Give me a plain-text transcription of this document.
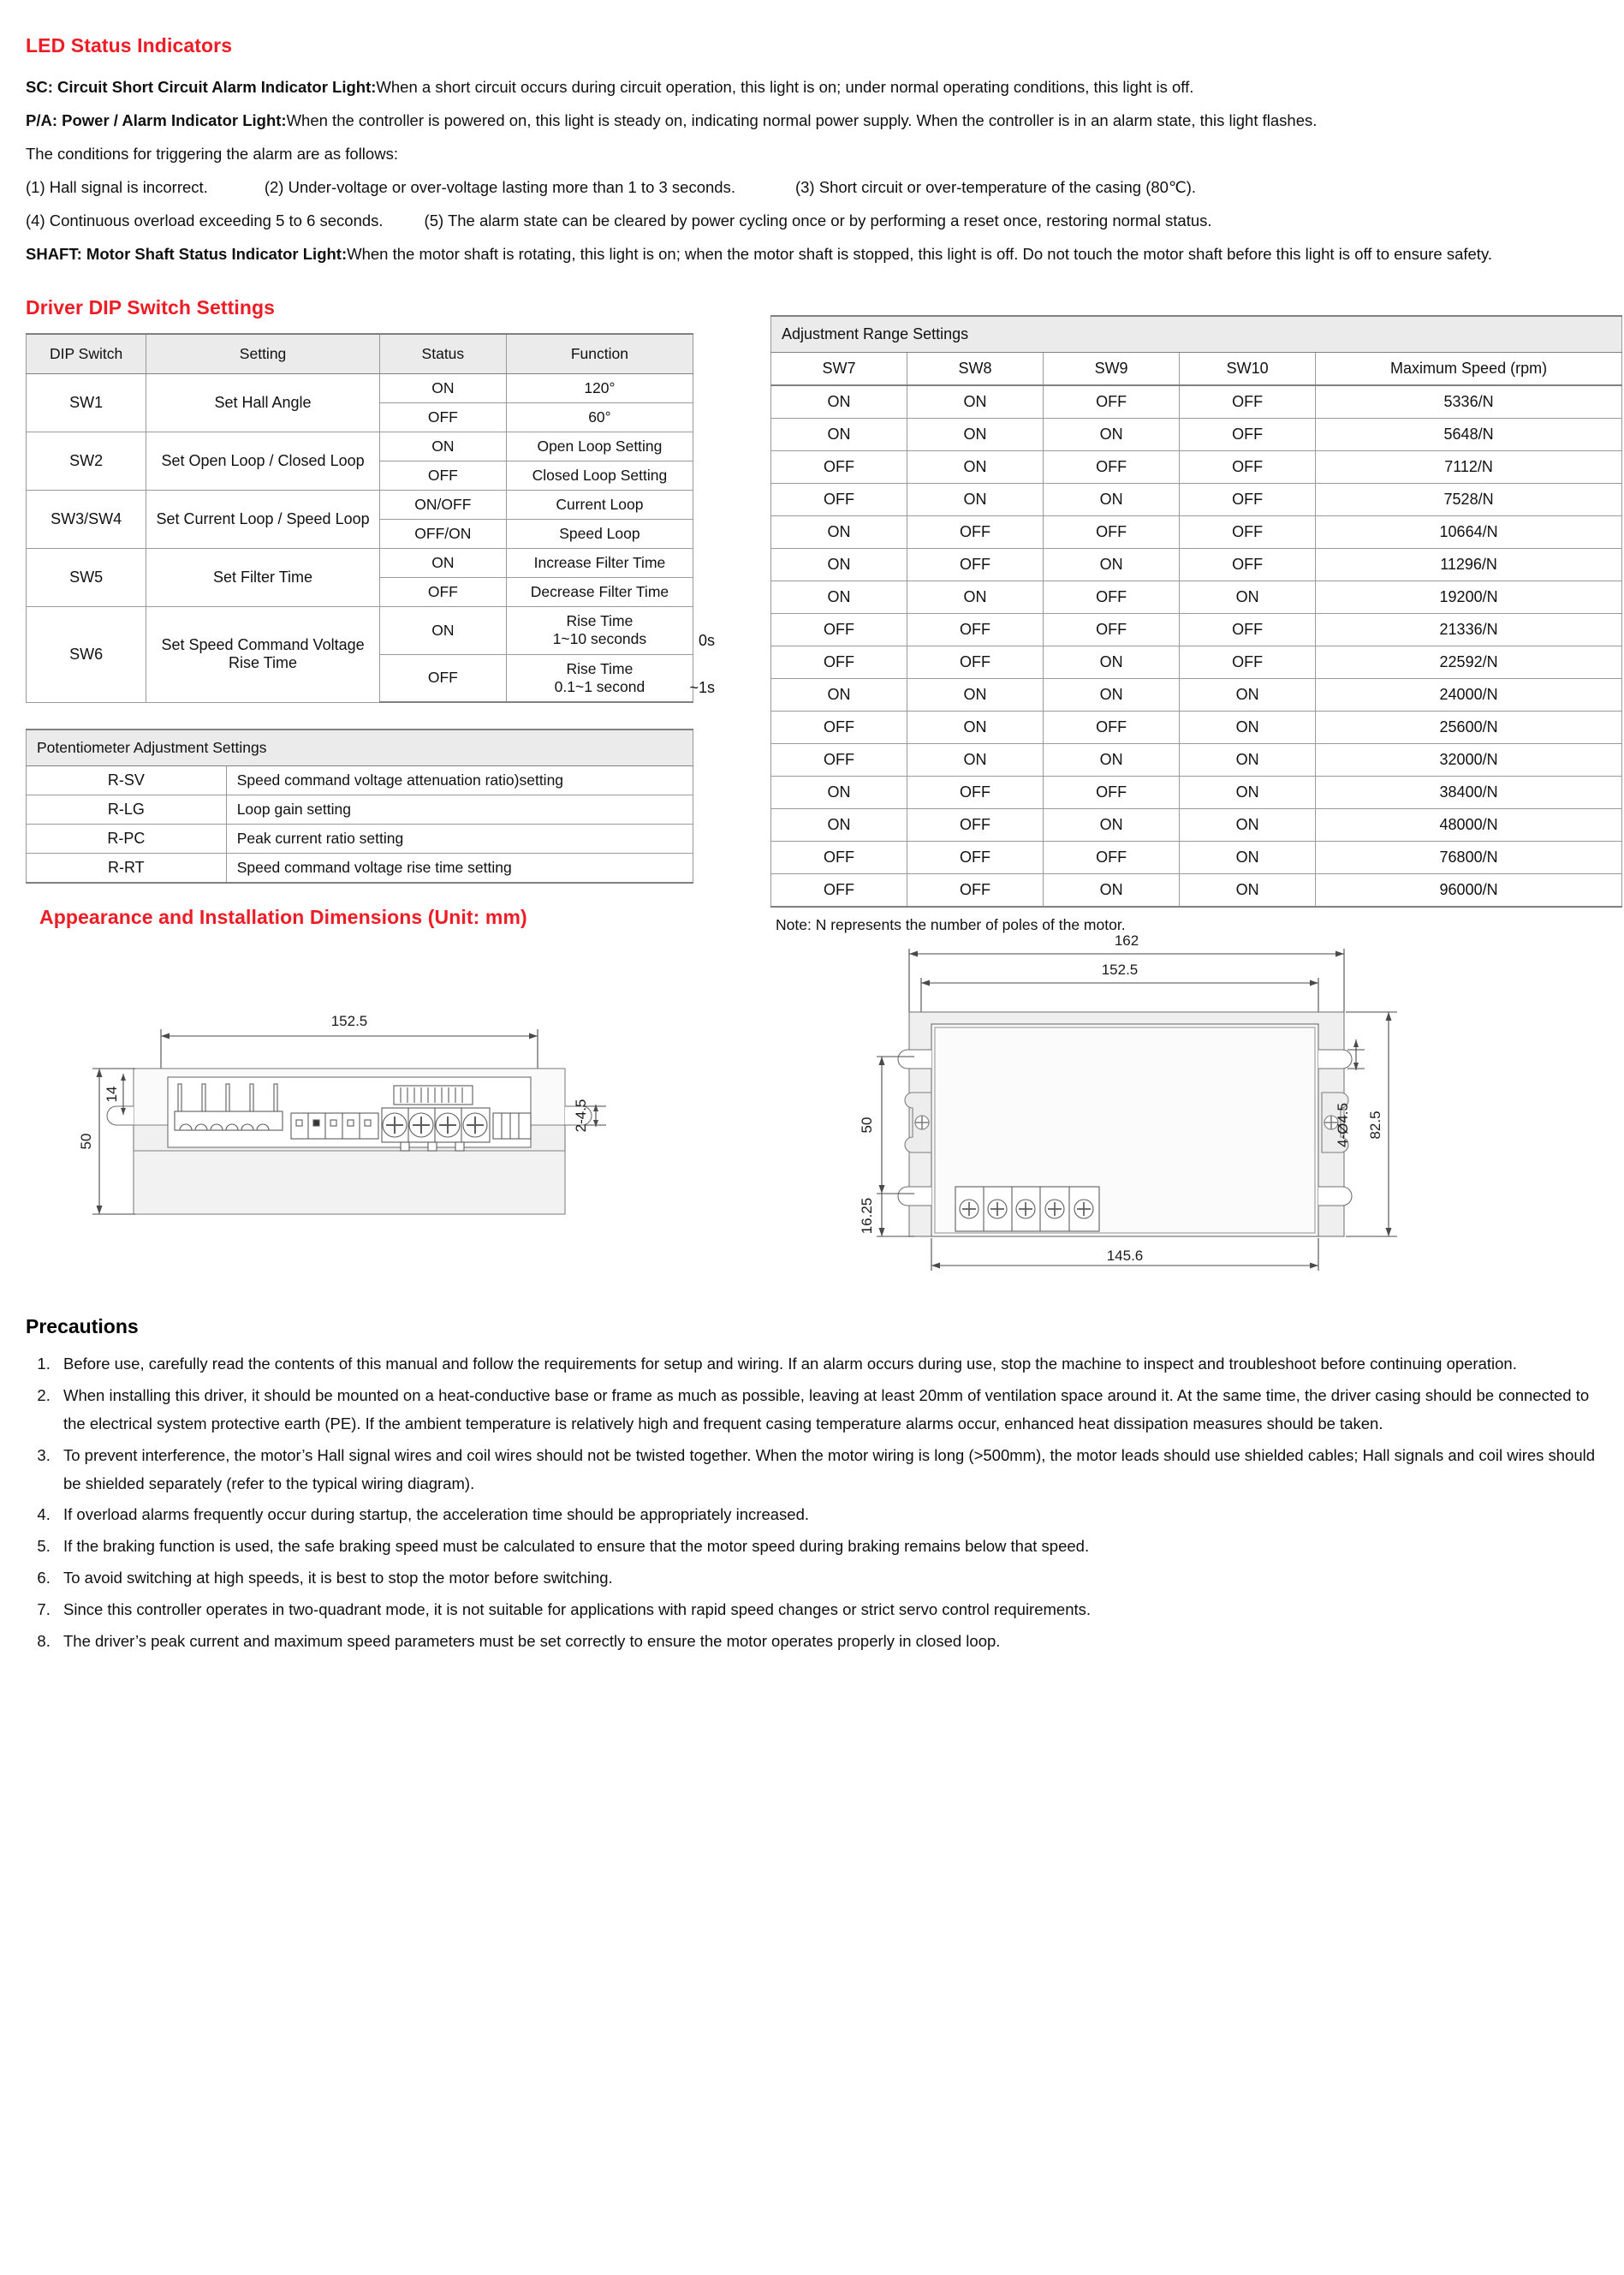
LED Status Indicators

SC: Circuit Short Circuit Alarm Indicator Light:When a short circuit occurs during circuit operation, this light is on; under normal operating conditions, this light is off.

P/A: Power / Alarm Indicator Light:When the controller is powered on, this light is steady on, indicating normal power supply. When the controller is in an alarm state, this light flashes.

The conditions for triggering the alarm are as follows:

(1) Hall signal is incorrect.	(2) Under-voltage or over-voltage lasting more than 1 to 3 seconds.	(3) Short circuit or over-temperature of the casing (80℃).

(4) Continuous overload exceeding 5 to 6 seconds.	(5) The alarm state can be cleared by power cycling once or by performing a reset once, restoring normal status.

SHAFT: Motor Shaft Status Indicator Light:When the motor shaft is rotating, this light is on; when the motor shaft is stopped, this light is off. Do not touch the motor shaft before this light is off to ensure safety.

Driver DIP Switch Settings
DIP Switch	Setting	Status	Function
SW1	Set Hall Angle	ON	120°
		OFF	60°
SW2	Set Open Loop / Closed Loop	ON	Open Loop Setting
		OFF	Closed Loop Setting
SW3/SW4	Set Current Loop / Speed Loop	ON/OFF	Current Loop
		OFF/ON	Speed Loop
SW5	Set Filter Time	ON	Increase Filter Time
		OFF	Decrease Filter Time
SW6	Set Speed Command Voltage Rise Time	ON	Rise Time
1~10 seconds 0s

		OFF	Rise Time
0.1~1 second ~1s
Potentiometer Adjustment Settings	
R-SV	Speed command voltage attenuation ratio)setting
R-LG	Loop gain setting
R-PC	Peak current ratio setting
R-RT	Speed command voltage rise time setting
Adjustment Range Settings				
SW7	SW8	SW9	SW10	Maximum Speed (rpm)
ON	ON	OFF	OFF	5336/N
ON	ON	ON	OFF	5648/N
OFF	ON	OFF	OFF	7112/N
OFF	ON	ON	OFF	7528/N
ON	OFF	OFF	OFF	10664/N
ON	OFF	ON	OFF	11296/N
ON	ON	OFF	ON	19200/N
OFF	OFF	OFF	OFF	21336/N
OFF	OFF	ON	OFF	22592/N
ON	ON	ON	ON	24000/N
OFF	ON	OFF	ON	25600/N
OFF	ON	ON	ON	32000/N
ON	OFF	OFF	ON	38400/N
ON	OFF	ON	ON	48000/N
OFF	OFF	OFF	ON	76800/N
OFF	OFF	ON	ON	96000/N
Note: N represents the number of poles of the motor.
Appearance and Installation Dimensions (Unit: mm)
152.5
50
14
2-4.5
162
152.5
145.6
50
16.25
4-Ø4.5 82.5
Precautions
1. Before use, carefully read the contents of this manual and follow the requirements for setup and wiring. If an alarm occurs during use, stop the machine to inspect and troubleshoot before continuing operation.
2. When installing this driver, it should be mounted on a heat-conductive base or frame as much as possible, leaving at least 20mm of ventilation space around it. At the same time, the driver casing should be connected to the electrical system protective earth (PE). If the ambient temperature is relatively high and frequent casing temperature alarms occur, enhanced heat dissipation measures should be taken.
3. To prevent interference, the motor’s Hall signal wires and coil wires should not be twisted together. When the motor wiring is long (>500mm), the motor leads should use shielded cables; Hall signals and coil wires should be shielded separately (refer to the typical wiring diagram).
4. If overload alarms frequently occur during startup, the acceleration time should be appropriately increased.
5. If the braking function is used, the safe braking speed must be calculated to ensure that the motor speed during braking remains below that speed.
6. To avoid switching at high speeds, it is best to stop the motor before switching.
7. Since this controller operates in two-quadrant mode, it is not suitable for applications with rapid speed changes or strict servo control requirements.
8. The driver’s peak current and maximum speed parameters must be set correctly to ensure the motor operates properly in closed loop.
